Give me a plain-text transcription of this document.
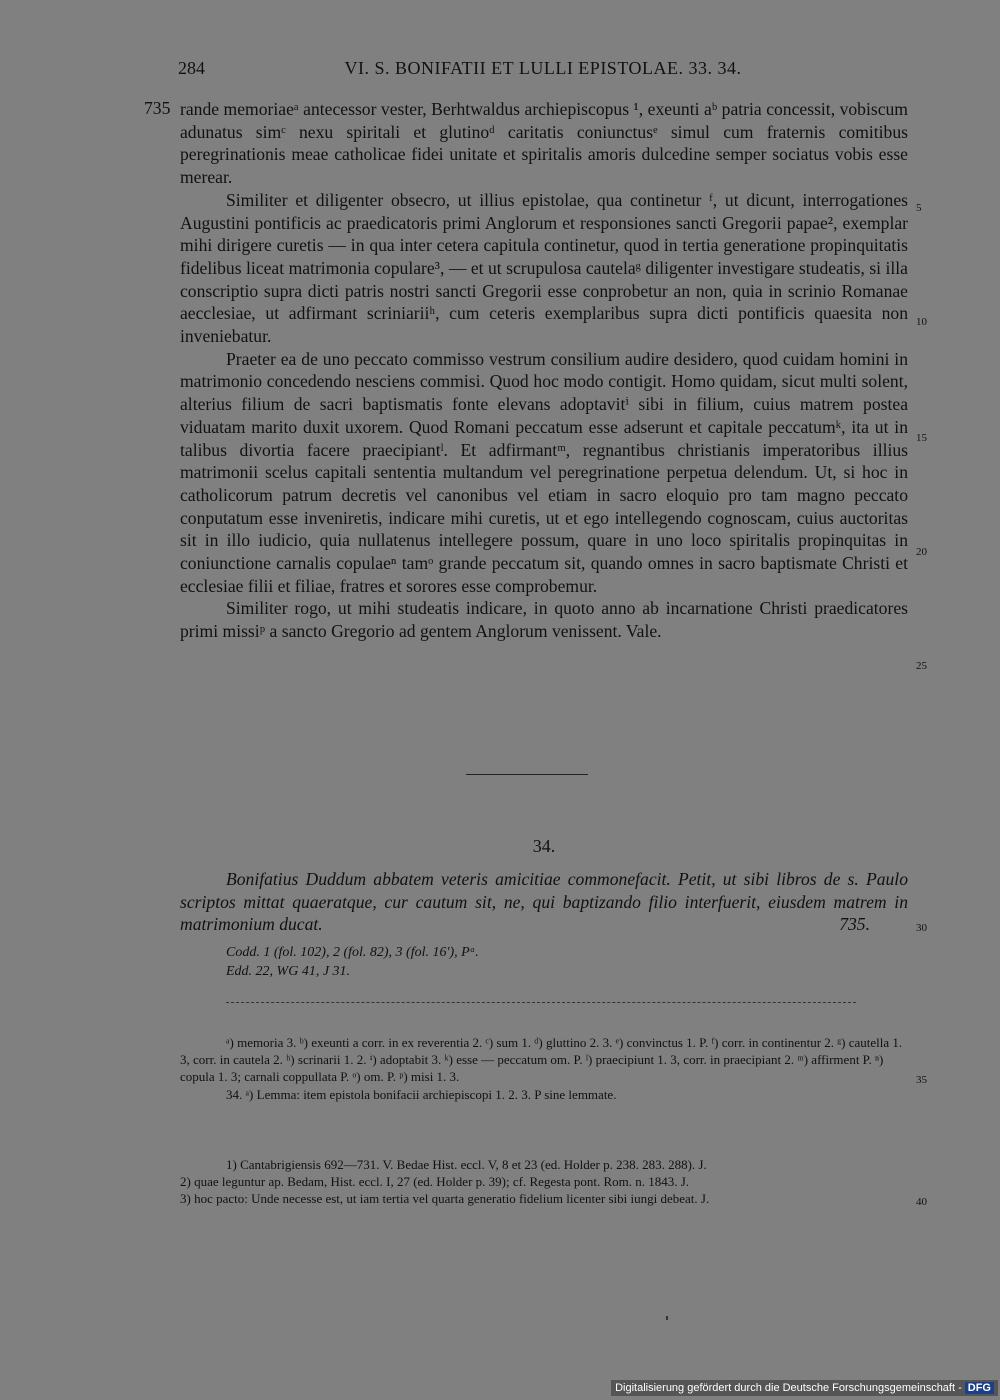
284	VI. S. BONIFATII ET LULLI EPISTOLAE. 33. 34.
735 rande memoriaeᵃ antecessor vester, Berhtwaldus archiepiscopus ¹, exeunti aᵇ patria concessit, vobiscum adunatus simᶜ nexu spiritali et glutinoᵈ caritatis coniunctusᵉ simul cum fraternis comitibus peregrinationis meae catholicae fidei unitate et spiritalis amoris dulcedine semper sociatus vobis esse merear.

Similiter et diligenter obsecro, ut illius epistolae, qua continetur ᶠ, ut dicunt, interrogationes Augustini pontificis ac praedicatoris primi Anglorum et responsiones sancti Gregorii papae², exemplar mihi dirigere curetis — in qua inter cetera capitula continetur, quod in tertia generatione propinquitatis fidelibus liceat matrimonia copulare³, — et ut scrupulosa cautelaᵍ diligenter investigare studeatis, si illa conscriptio supra dicti patris nostri sancti Gregorii esse conprobetur an non, quia in scrinio Romanae aecclesiae, ut adfirmant scriniariiʰ, cum ceteris exemplaribus supra dicti pontificis quaesita non inveniebatur.

Praeter ea de uno peccato commisso vestrum consilium audire desidero, quod cuidam homini in matrimonio concedendo nesciens commisi. Quod hoc modo contigit. Homo quidam, sicut multi solent, alterius filium de sacri baptismatis fonte elevans adoptavitⁱ sibi in filium, cuius matrem postea viduatam marito duxit uxorem. Quod Romani peccatum esse adserunt et capitale peccatumᵏ, ita ut in talibus divortia facere praecipiantˡ. Et adfirmantᵐ, regnantibus christianis imperatoribus illius matrimonii scelus capitali sententia multandum vel peregrinatione perpetua delendum. Ut, si hoc in catholicorum patrum decretis vel canonibus vel etiam in sacro eloquio pro tam magno peccato conputatum esse inveniretis, indicare mihi curetis, ut et ego intellegendo cognoscam, cuius auctoritas sit in illo iudicio, quia nullatenus intellegere possum, quare in uno loco spiritalis propinquitas in coniunctione carnalis copulaeⁿ tamᵒ grande peccatum sit, quando omnes in sacro baptismate Christi et ecclesiae filii et filiae, fratres et sorores esse comprobemur.

Similiter rogo, ut mihi studeatis indicare, in quoto anno ab incarnatione Christi praedicatores primi missiᵖ a sancto Gregorio ad gentem Anglorum venissent. Vale.

5
10
15
20
25
30
35
40
34.
Bonifatius Duddum abbatem veteris amicitiae commonefacit. Petit, ut sibi libros de s. Paulo scriptos mittat quaeratque, cur cautum sit, ne, qui baptizando filio interfuerit, eiusdem matrem in matrimonium ducat.	735.
Codd. 1 (fol. 102), 2 (fol. 82), 3 (fol. 16'), Pᵃ.
Edd. 22, WG 41, J 31.

ᵃ) memoria 3. ᵇ) exeunti a corr. in ex reverentia 2. ᶜ) sum 1. ᵈ) gluttino 2. 3. ᵉ) convinctus 1. P. ᶠ) corr. in continentur 2. ᵍ) cautella 1. 3, corr. in cautela 2. ʰ) scrinarii 1. 2. ⁱ) adoptabit 3. ᵏ) esse — peccatum om. P. ˡ) praecipiunt 1. 3, corr. in praecipiant 2. ᵐ) affirment P. ⁿ) copula 1. 3; carnali coppullata P. ᵒ) om. P. ᵖ) misi 1. 3.

34. ᵃ) Lemma: item epistola bonifacii archiepiscopi 1. 2. 3. P sine lemmate.

1) Cantabrigiensis 692—731. V. Bedae Hist. eccl. V, 8 et 23 (ed. Holder p. 238. 283. 288). J.

2) quae leguntur ap. Bedam, Hist. eccl. I, 27 (ed. Holder p. 39); cf. Regesta pont. Rom. n. 1843. J.

3) hoc pacto: Unde necesse est, ut iam tertia vel quarta generatio fidelium licenter sibi iungi debeat. J.

Digitalisierung gefördert durch die Deutsche Forschungsgemeinschaft - DFG
